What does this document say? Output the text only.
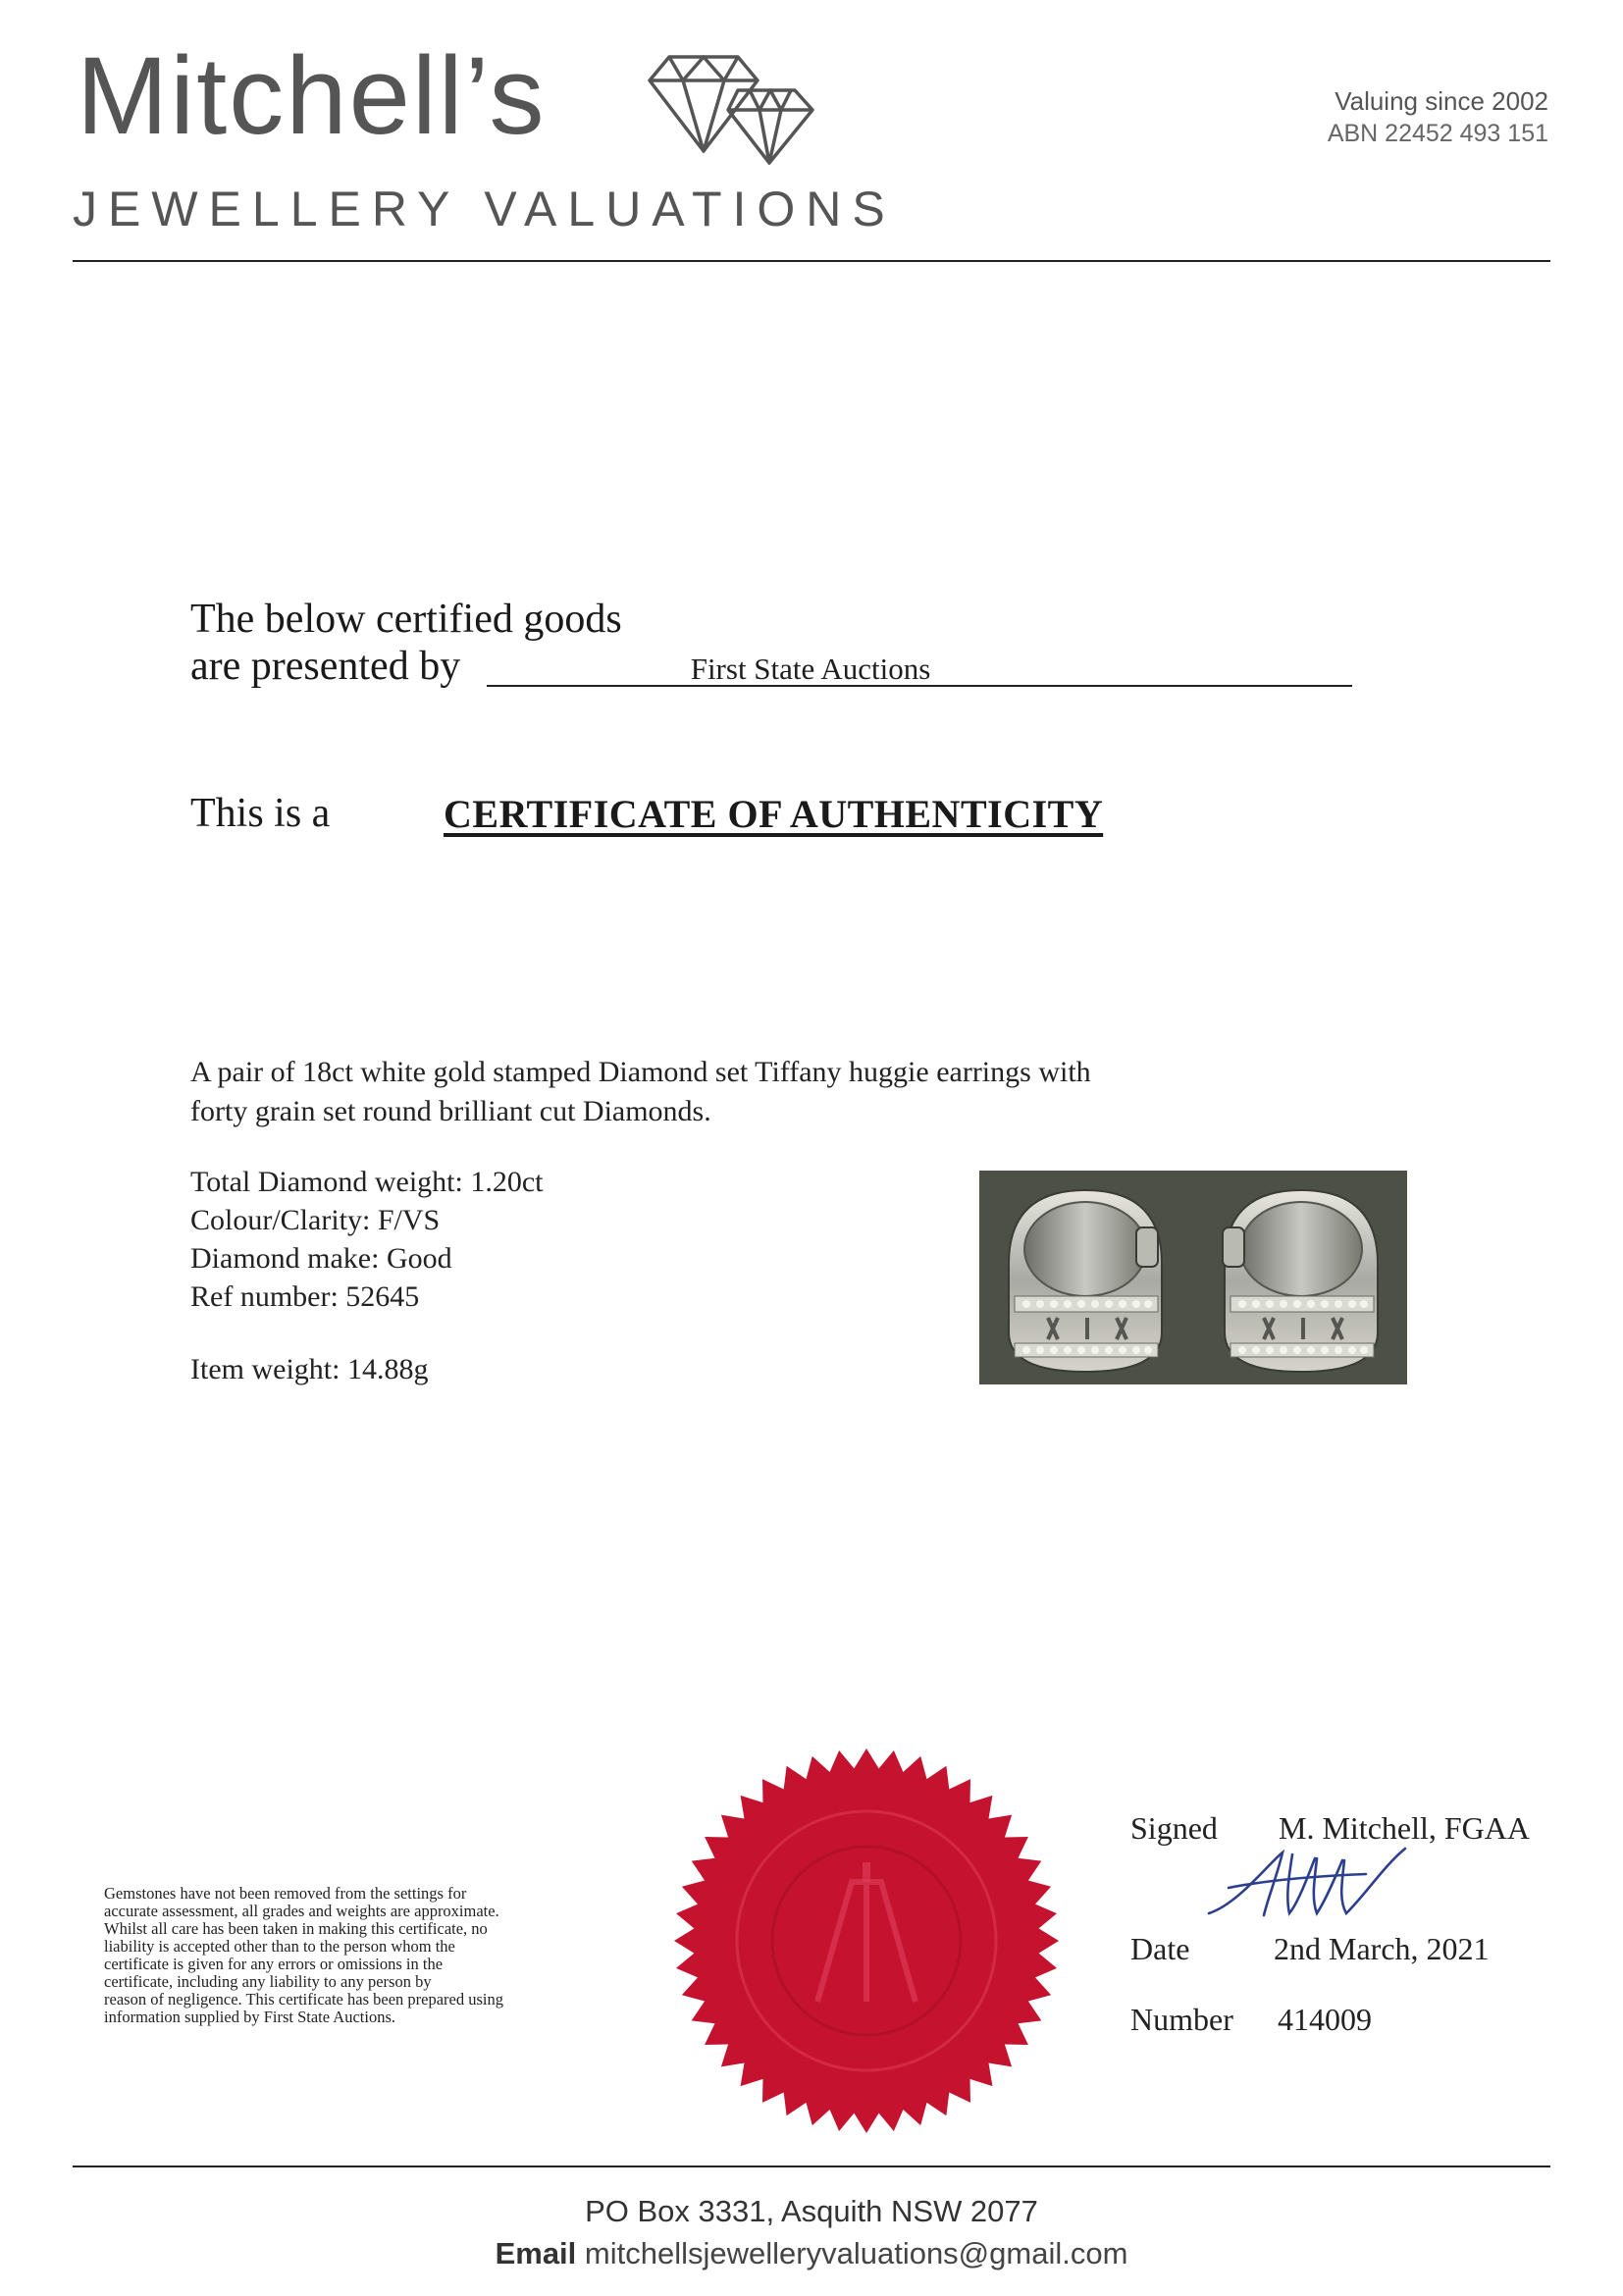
Mitchell’s
JEWELLERY VALUATIONS
Valuing since 2002
ABN 22452 493 151
The below certified goods
are presented by	First State Auctions
This is a	CERTIFICATE OF AUTHENTICITY
A pair of 18ct white gold stamped Diamond set Tiffany huggie earrings with
forty grain set round brilliant cut Diamonds.
Total Diamond weight: 1.20ct
Colour/Clarity: F/VS
Diamond make: Good
Ref number: 52645
Item weight: 14.88g
Gemstones have not been removed from the settings for
accurate assessment, all grades and weights are approximate.
Whilst all care has been taken in making this certificate, no
liability is accepted other than to the person whom the
certificate is given for any errors or omissions in the
certificate, including any liability to any person by
reason of negligence. This certificate has been prepared using
information supplied by First State Auctions.
Signed M. Mitchell, FGAA
Date	2nd March, 2021
Number 414009
PO Box 3331, Asquith NSW 2077
Email mitchellsjewelleryvaluations@gmail.com
